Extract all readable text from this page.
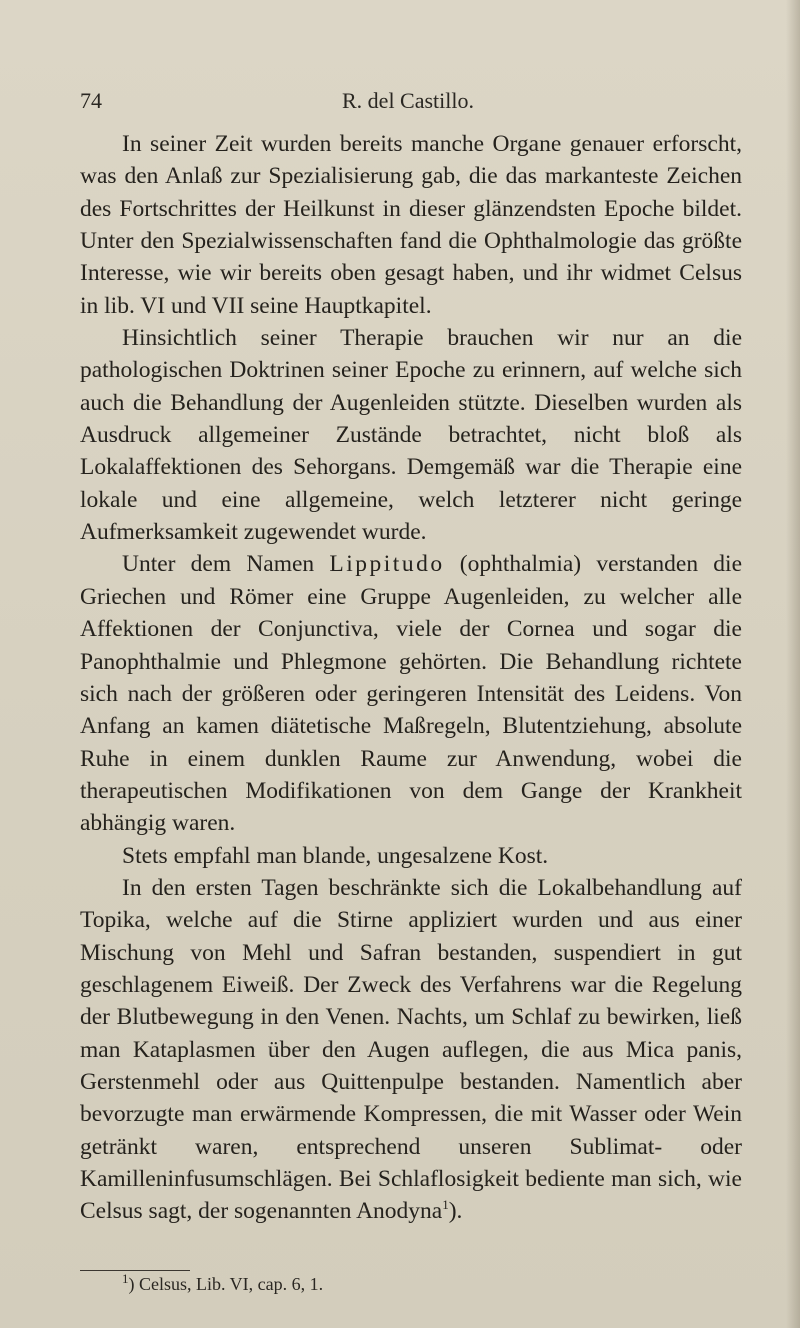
74	R. del Castillo.

In seiner Zeit wurden bereits manche Organe genauer erforscht, was den Anlaß zur Spezialisierung gab, die das markanteste Zeichen des Fortschrittes der Heilkunst in dieser glänzendsten Epoche bildet. Unter den Spezialwissenschaften fand die Ophthalmologie das größte Interesse, wie wir bereits oben gesagt haben, und ihr widmet Celsus in lib. VI und VII seine Hauptkapitel.

Hinsichtlich seiner Therapie brauchen wir nur an die pathologischen Doktrinen seiner Epoche zu erinnern, auf welche sich auch die Behandlung der Augenleiden stützte. Dieselben wurden als Ausdruck allgemeiner Zustände betrachtet, nicht bloß als Lokalaffektionen des Sehorgans. Demgemäß war die Therapie eine lokale und eine allgemeine, welch letzterer nicht geringe Aufmerksamkeit zugewendet wurde.

Unter dem Namen Lippitudo (ophthalmia) verstanden die Griechen und Römer eine Gruppe Augenleiden, zu welcher alle Affektionen der Conjunctiva, viele der Cornea und sogar die Panophthalmie und Phlegmone gehörten. Die Behandlung richtete sich nach der größeren oder geringeren Intensität des Leidens. Von Anfang an kamen diätetische Maßregeln, Blutentziehung, absolute Ruhe in einem dunklen Raume zur Anwendung, wobei die therapeutischen Modifikationen von dem Gange der Krankheit abhängig waren.

Stets empfahl man blande, ungesalzene Kost.

In den ersten Tagen beschränkte sich die Lokalbehandlung auf Topika, welche auf die Stirne appliziert wurden und aus einer Mischung von Mehl und Safran bestanden, suspendiert in gut geschlagenem Eiweiß. Der Zweck des Verfahrens war die Regelung der Blutbewegung in den Venen. Nachts, um Schlaf zu bewirken, ließ man Kataplasmen über den Augen auflegen, die aus Mica panis, Gerstenmehl oder aus Quittenpulpe bestanden. Namentlich aber bevorzugte man erwärmende Kompressen, die mit Wasser oder Wein getränkt waren, entsprechend unseren Sublimat- oder Kamilleninfusumschlägen. Bei Schlaflosigkeit bediente man sich, wie Celsus sagt, der sogenannten Anodyna$^1$).

$^1$) Celsus, Lib. VI, cap. 6, 1.
